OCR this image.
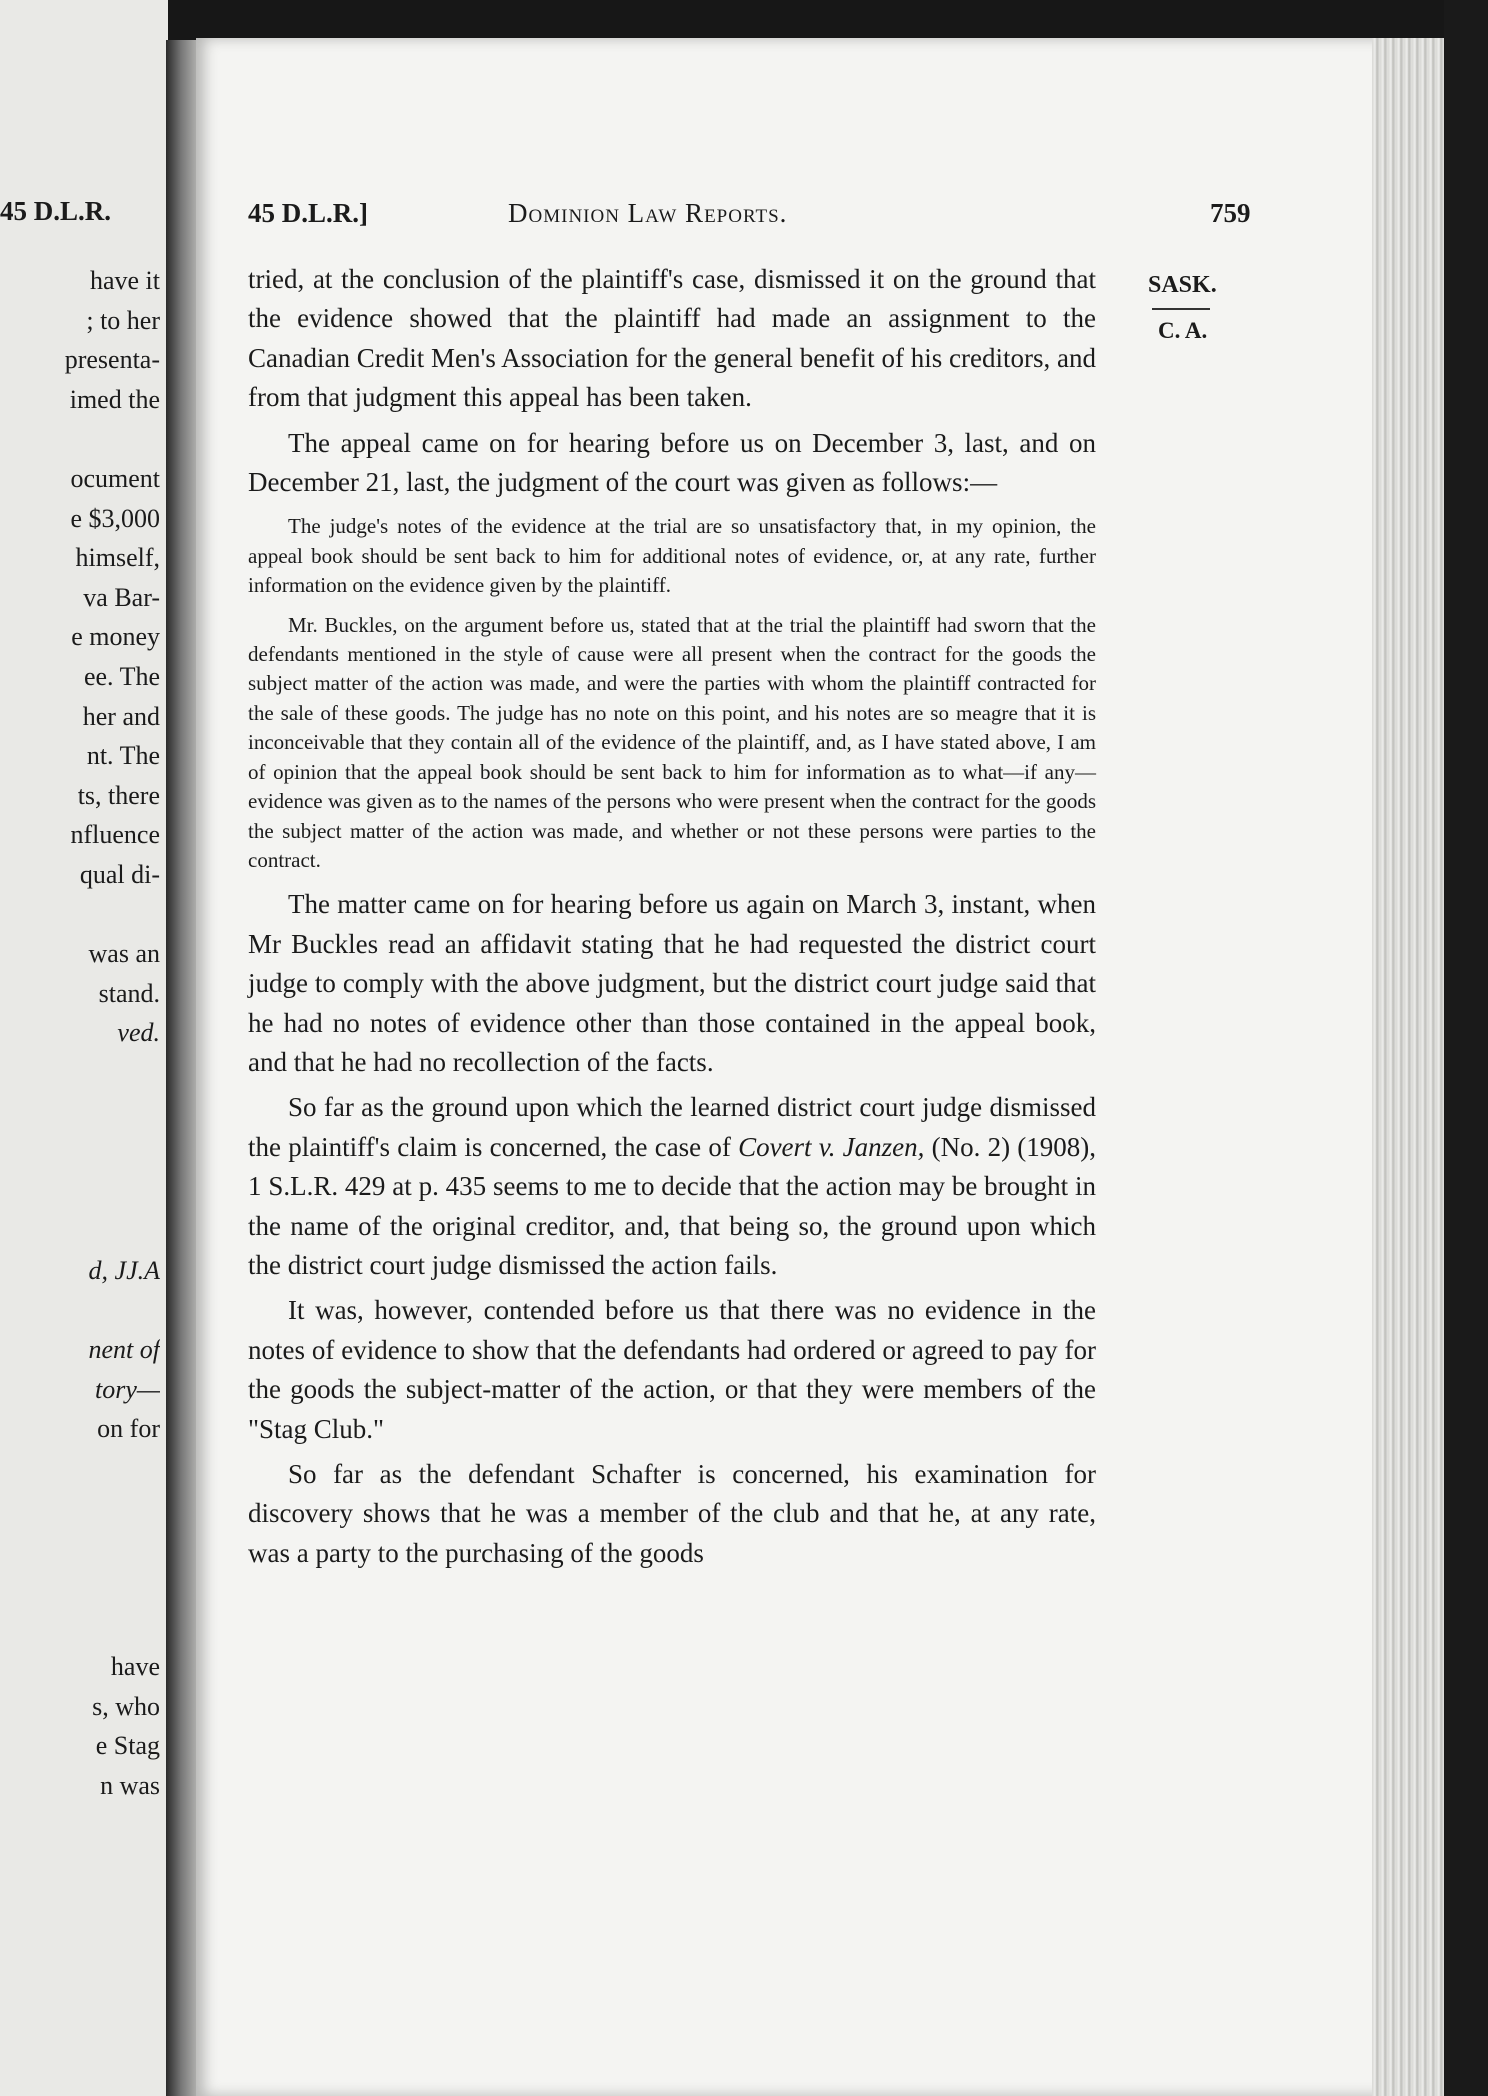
45 D.L.R.
have it
; to her
presenta-
imed the
ocument
e $3,000
himself,
va Bar-
e money
ee. The
her and
nt. The
ts, there
nfluence
qual di-
was an
stand.
ved.
d, JJ.A
nent of
tory—
on for
have
s, who
e Stag
n was
45 D.L.R.]	Dominion Law Reports.	759
SASK.
C. A.

tried, at the conclusion of the plaintiff's case, dismissed it on the ground that the evidence showed that the plaintiff had made an assignment to the Canadian Credit Men's Association for the general benefit of his creditors, and from that judgment this appeal has been taken.

The appeal came on for hearing before us on December 3, last, and on December 21, last, the judgment of the court was given as follows:—

The judge's notes of the evidence at the trial are so unsatisfactory that, in my opinion, the appeal book should be sent back to him for additional notes of evidence, or, at any rate, further information on the evidence given by the plaintiff.

Mr. Buckles, on the argument before us, stated that at the trial the plaintiff had sworn that the defendants mentioned in the style of cause were all present when the contract for the goods the subject matter of the action was made, and were the parties with whom the plaintiff contracted for the sale of these goods. The judge has no note on this point, and his notes are so meagre that it is inconceivable that they contain all of the evidence of the plaintiff, and, as I have stated above, I am of opinion that the appeal book should be sent back to him for information as to what—if any—evidence was given as to the names of the persons who were present when the contract for the goods the subject matter of the action was made, and whether or not these persons were parties to the contract.

The matter came on for hearing before us again on March 3, instant, when Mr Buckles read an affidavit stating that he had requested the district court judge to comply with the above judgment, but the district court judge said that he had no notes of evidence other than those contained in the appeal book, and that he had no recollection of the facts.

So far as the ground upon which the learned district court judge dismissed the plaintiff's claim is concerned, the case of Covert v. Janzen, (No. 2) (1908), 1 S.L.R. 429 at p. 435 seems to me to decide that the action may be brought in the name of the original creditor, and, that being so, the ground upon which the district court judge dismissed the action fails.

It was, however, contended before us that there was no evidence in the notes of evidence to show that the defendants had ordered or agreed to pay for the goods the subject-matter of the action, or that they were members of the "Stag Club."

So far as the defendant Schafter is concerned, his examination for discovery shows that he was a member of the club and that he, at any rate, was a party to the purchasing of the goods
